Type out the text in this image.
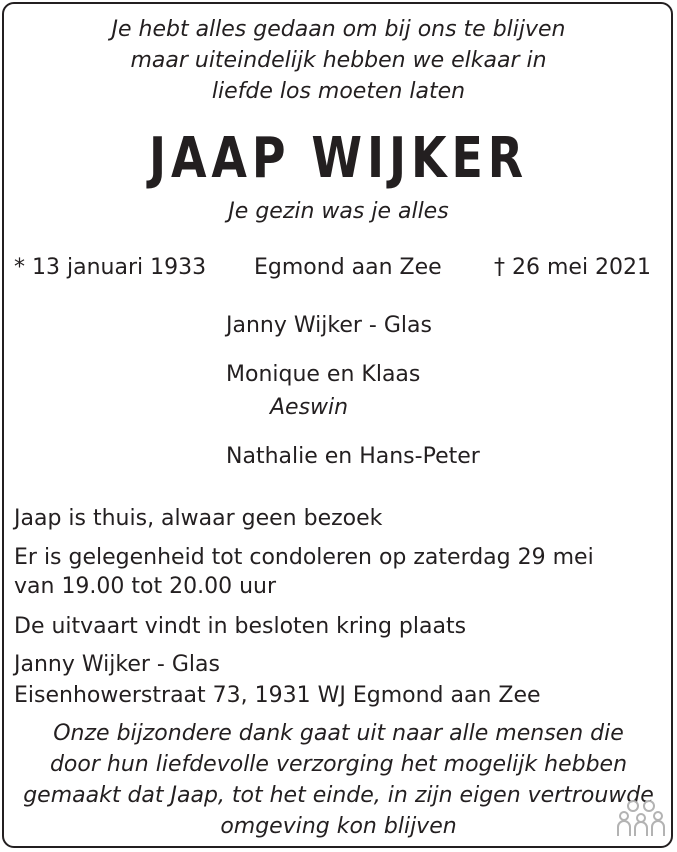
Je hebt alles gedaan om bij ons te blijven
maar uiteindelijk hebben we elkaar in
liefde los moeten laten
JAAP WIJKER
Je gezin was je alles
* 13 januari 1933 Egmond aan Zee † 26 mei 2021
Janny Wijker - Glas
Monique en Klaas
Aeswin
Nathalie en Hans-Peter
Jaap is thuis, alwaar geen bezoek
Er is gelegenheid tot condoleren op zaterdag 29 mei
van 19.00 tot 20.00 uur
De uitvaart vindt in besloten kring plaats
Janny Wijker - Glas
Eisenhowerstraat 73, 1931 WJ Egmond aan Zee
Onze bijzondere dank gaat uit naar alle mensen die
door hun liefdevolle verzorging het mogelijk hebben
gemaakt dat Jaap, tot het einde, in zijn eigen vertrouwde
omgeving kon blijven
